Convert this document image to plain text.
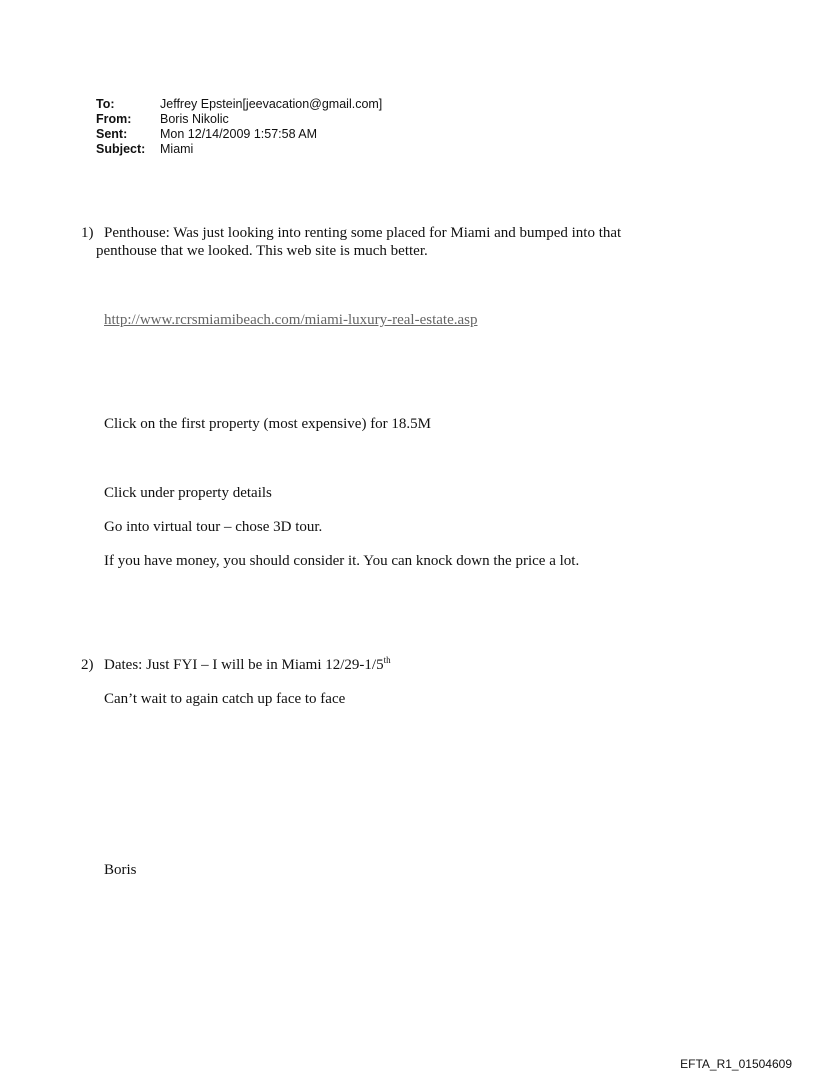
To:	Jeffrey Epstein[jeevacation@gmail.com]
From:	Boris Nikolic
Sent:	Mon 12/14/2009 1:57:58 AM
Subject:	Miami
1) Penthouse: Was just looking into renting some placed for Miami and bumped into that
penthouse that we looked. This web site is much better.
http://www.rcrsmiamibeach.com/miami-luxury-real-estate.asp
Click on the first property (most expensive) for 18.5M
Click under property details
Go into virtual tour – chose 3D tour.
If you have money, you should consider it. You can knock down the price a lot.
2) Dates: Just FYI – I will be in Miami 12/29-1/5th
Can’t wait to again catch up face to face
Boris
EFTA_R1_01504609
